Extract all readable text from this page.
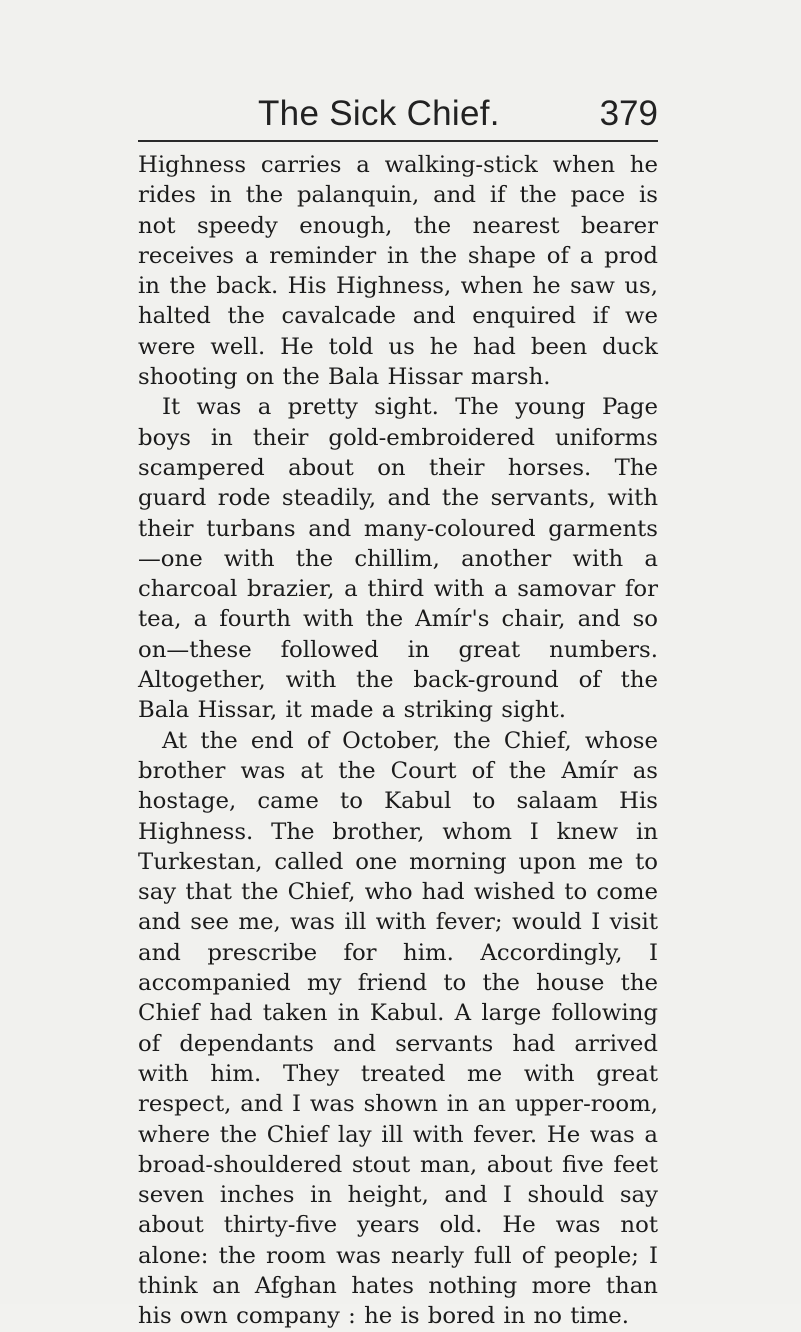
The Sick Chief.	379

Highness carries a walking-stick when he rides in the palanquin, and if the pace is not speedy enough, the nearest bearer receives a reminder in the shape of a prod in the back. His Highness, when he saw us, halted the cavalcade and enquired if we were well. He told us he had been duck shooting on the Bala Hissar marsh.

It was a pretty sight. The young Page boys in their gold-embroidered uniforms scampered about on their horses. The guard rode steadily, and the servants, with their turbans and many-coloured garments—one with the chillim, another with a charcoal brazier, a third with a samovar for tea, a fourth with the Amír's chair, and so on—these followed in great numbers. Altogether, with the back-ground of the Bala Hissar, it made a striking sight.

At the end of October, the Chief, whose brother was at the Court of the Amír as hostage, came to Kabul to salaam His Highness. The brother, whom I knew in Turkestan, called one morning upon me to say that the Chief, who had wished to come and see me, was ill with fever; would I visit and prescribe for him. Accordingly, I accompanied my friend to the house the Chief had taken in Kabul. A large following of dependants and servants had arrived with him. They treated me with great respect, and I was shown in an upper-room, where the Chief lay ill with fever. He was a broad-shouldered stout man, about five feet seven inches in height, and I should say about thirty-five years old. He was not alone: the room was nearly full of people; I think an Afghan hates nothing more than his own company : he is bored in no time.
